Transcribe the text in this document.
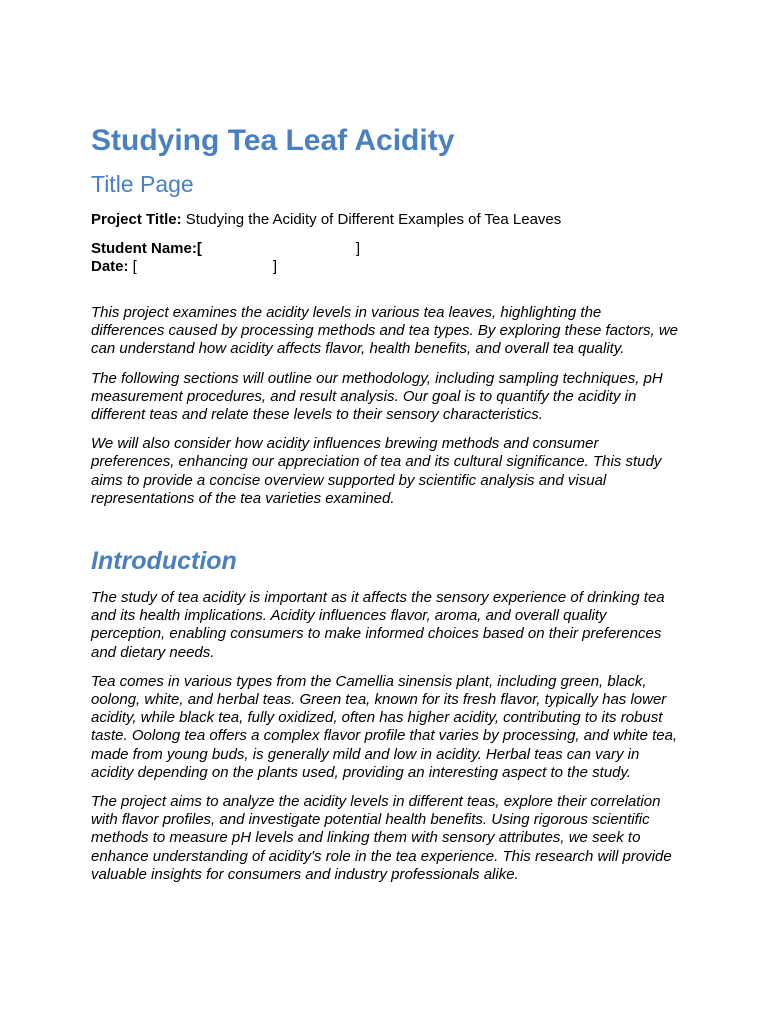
Studying Tea Leaf Acidity
Title Page

Project Title: Studying the Acidity of Different Examples of Tea Leaves

Student Name:[	]
Date: [	]

This project examines the acidity levels in various tea leaves, highlighting the differences caused by processing methods and tea types. By exploring these factors, we can understand how acidity affects flavor, health benefits, and overall tea quality.

The following sections will outline our methodology, including sampling techniques, pH measurement procedures, and result analysis. Our goal is to quantify the acidity in different teas and relate these levels to their sensory characteristics.

We will also consider how acidity influences brewing methods and consumer preferences, enhancing our appreciation of tea and its cultural significance. This study aims to provide a concise overview supported by scientific analysis and visual representations of the tea varieties examined.

Introduction

The study of tea acidity is important as it affects the sensory experience of drinking tea and its health implications. Acidity influences flavor, aroma, and overall quality perception, enabling consumers to make informed choices based on their preferences and dietary needs.

Tea comes in various types from the Camellia sinensis plant, including green, black, oolong, white, and herbal teas. Green tea, known for its fresh flavor, typically has lower acidity, while black tea, fully oxidized, often has higher acidity, contributing to its robust taste. Oolong tea offers a complex flavor profile that varies by processing, and white tea, made from young buds, is generally mild and low in acidity. Herbal teas can vary in acidity depending on the plants used, providing an interesting aspect to the study.

The project aims to analyze the acidity levels in different teas, explore their correlation with flavor profiles, and investigate potential health benefits. Using rigorous scientific methods to measure pH levels and linking them with sensory attributes, we seek to enhance understanding of acidity's role in the tea experience. This research will provide valuable insights for consumers and industry professionals alike.
